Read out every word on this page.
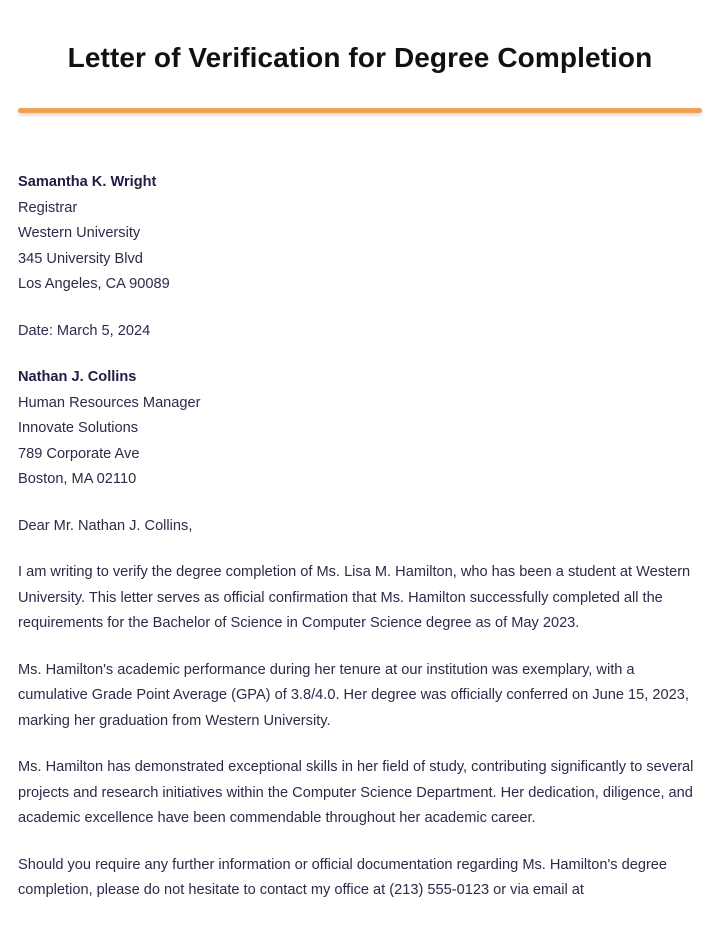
Letter of Verification for Degree Completion
Samantha K. Wright
Registrar
Western University
345 University Blvd
Los Angeles, CA 90089
Date: March 5, 2024
Nathan J. Collins
Human Resources Manager
Innovate Solutions
789 Corporate Ave
Boston, MA 02110
Dear Mr. Nathan J. Collins,

I am writing to verify the degree completion of Ms. Lisa M. Hamilton, who has been a student at Western University. This letter serves as official confirmation that Ms. Hamilton successfully completed all the requirements for the Bachelor of Science in Computer Science degree as of May 2023.

Ms. Hamilton's academic performance during her tenure at our institution was exemplary, with a cumulative Grade Point Average (GPA) of 3.8/4.0. Her degree was officially conferred on June 15, 2023, marking her graduation from Western University.

Ms. Hamilton has demonstrated exceptional skills in her field of study, contributing significantly to several projects and research initiatives within the Computer Science Department. Her dedication, diligence, and academic excellence have been commendable throughout her academic career.

Should you require any further information or official documentation regarding Ms. Hamilton's degree completion, please do not hesitate to contact my office at (213) 555-0123 or via email at
